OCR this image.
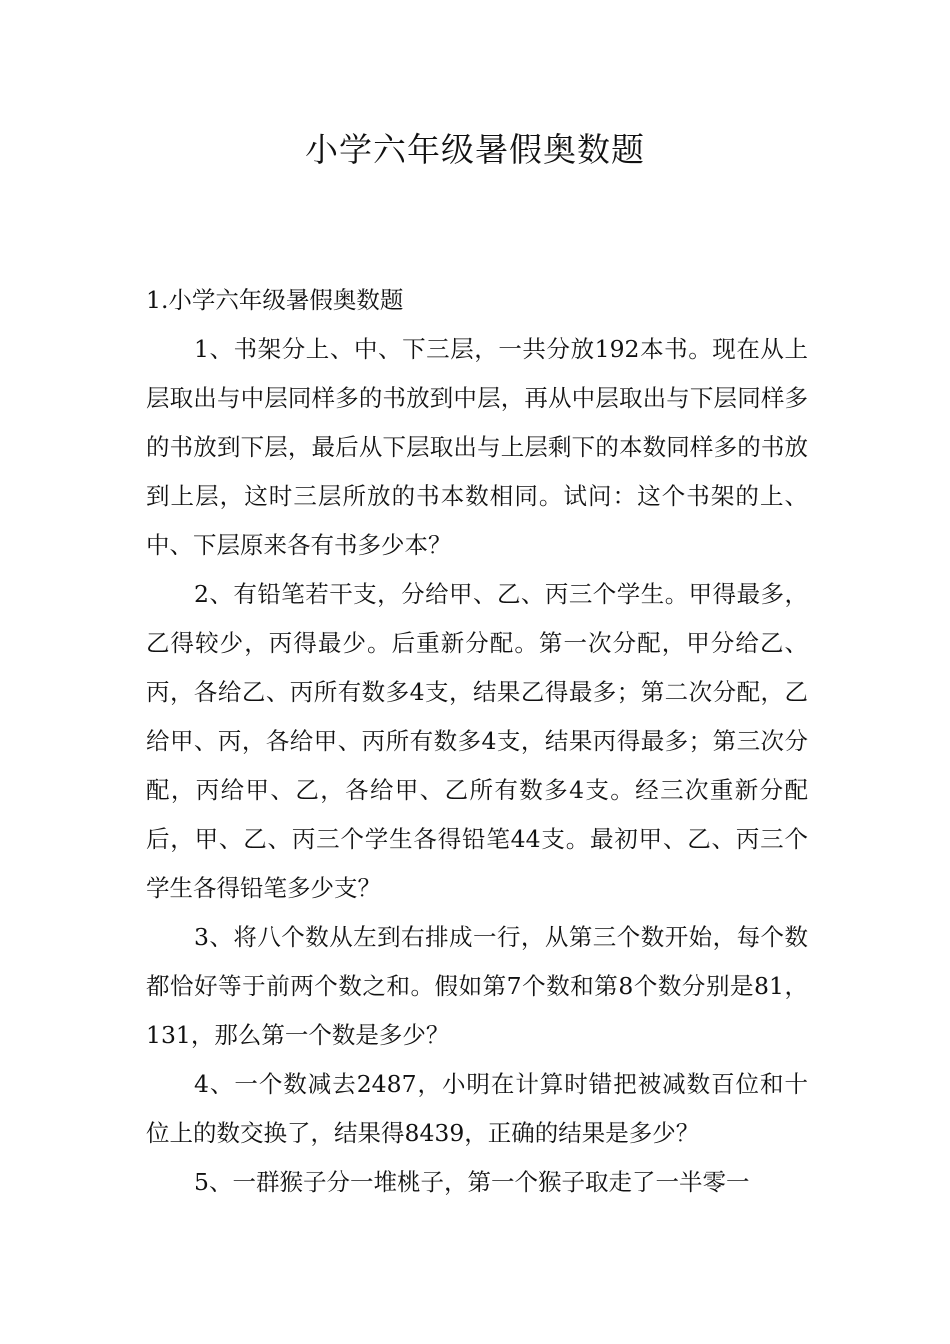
小学六年级暑假奥数题

1.小学六年级暑假奥数题

1、书架分上、中、下三层，一共分放192本书。现在从上层取出与中层同样多的书放到中层，再从中层取出与下层同样多的书放到下层，最后从下层取出与上层剩下的本数同样多的书放到上层，这时三层所放的书本数相同。试问：这个书架的上、中、下层原来各有书多少本？

2、有铅笔若干支，分给甲、乙、丙三个学生。甲得最多，乙得较少，丙得最少。后重新分配。第一次分配，甲分给乙、丙，各给乙、丙所有数多4支，结果乙得最多；第二次分配，乙给甲、丙，各给甲、丙所有数多4支，结果丙得最多；第三次分配，丙给甲、乙，各给甲、乙所有数多4支。经三次重新分配后，甲、乙、丙三个学生各得铅笔44支。最初甲、乙、丙三个学生各得铅笔多少支？

3、将八个数从左到右排成一行，从第三个数开始，每个数都恰好等于前两个数之和。假如第7个数和第8个数分别是81，131，那么第一个数是多少？

4、一个数减去2487，小明在计算时错把被减数百位和十位上的数交换了，结果得8439，正确的结果是多少？

5、一群猴子分一堆桃子，第一个猴子取走了一半零一
